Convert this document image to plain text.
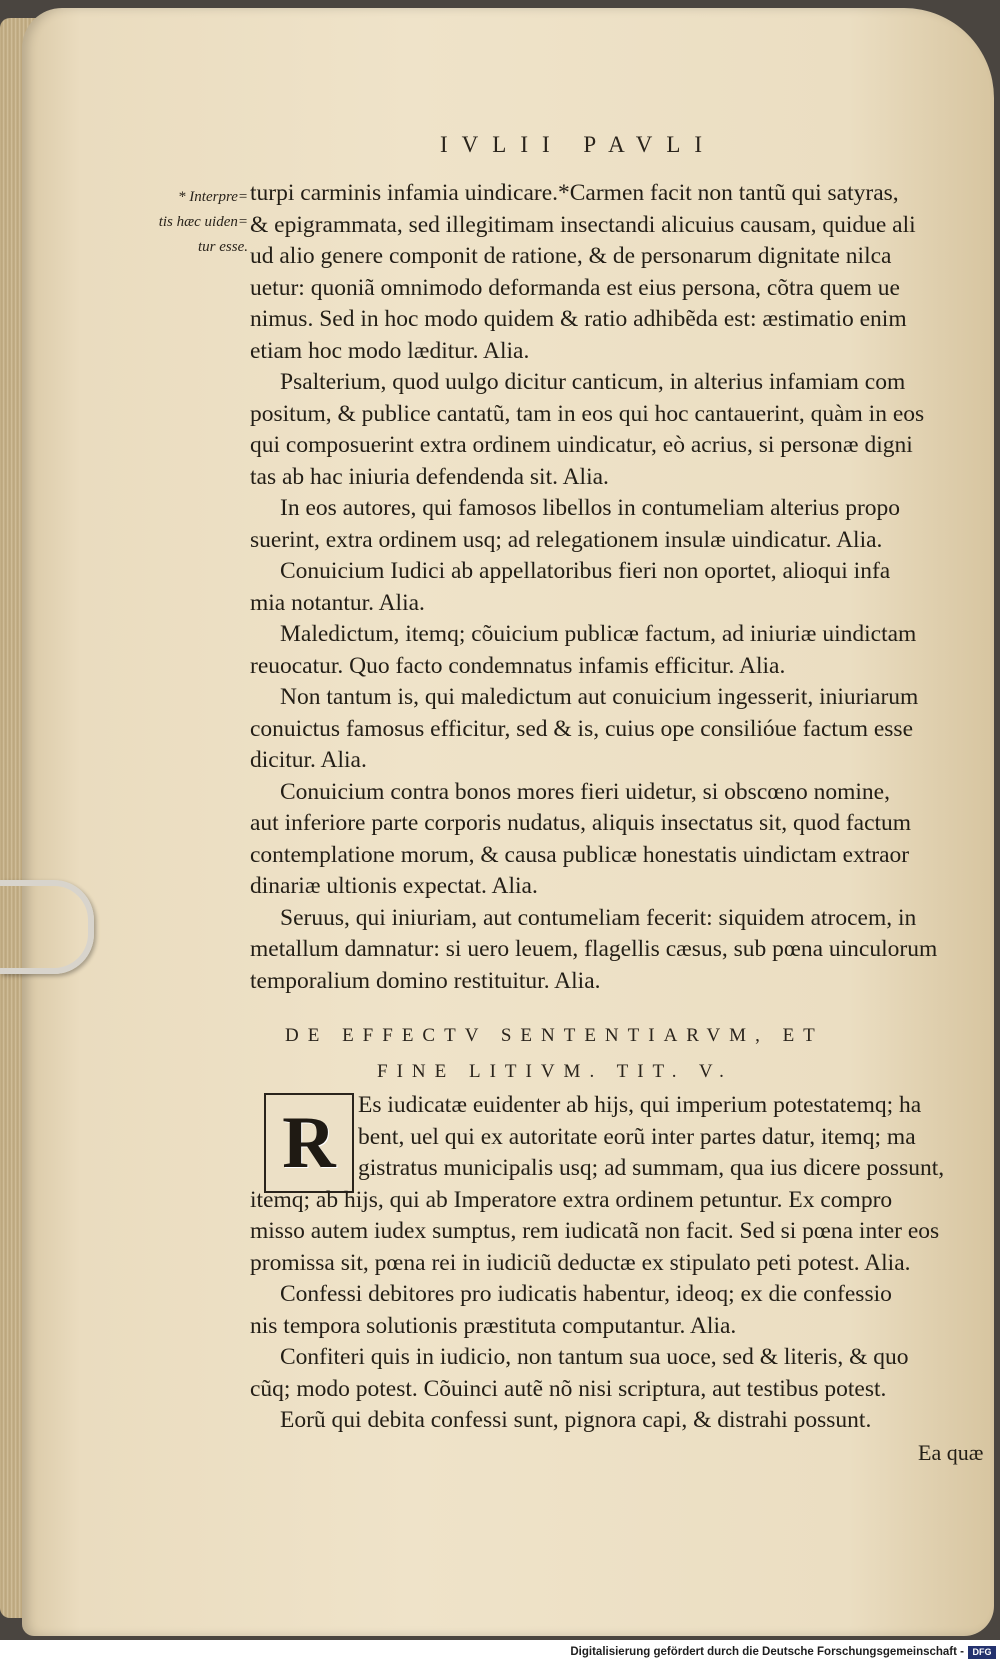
IVLII PAVLI
* Interpre=
tis hæc uiden=
tur esse.
turpi carminis infamia uindicare.*Carmen facit non tantũ qui satyras,
& epigrammata, sed illegitimam insectandi alicuius causam, quidue ali
ud alio genere componit de ratione, & de personarum dignitate nilca
uetur: quoniã omnimodo deformanda est eius persona, cõtra quem ue
nimus. Sed in hoc modo quidem & ratio adhibẽda est: æstimatio enim
etiam hoc modo læditur. Alia.
Psalterium, quod uulgo dicitur canticum, in alterius infamiam com
positum, & publice cantatũ, tam in eos qui hoc cantauerint, quàm in eos
qui composuerint extra ordinem uindicatur, eò acrius, si personæ digni
tas ab hac iniuria defendenda sit. Alia.
In eos autores, qui famosos libellos in contumeliam alterius propo
suerint, extra ordinem usq; ad relegationem insulæ uindicatur. Alia.
Conuicium Iudici ab appellatoribus fieri non oportet, alioqui infa
mia notantur. Alia.
Maledictum, itemq; cõuicium publicæ factum, ad iniuriæ uindictam
reuocatur. Quo facto condemnatus infamis efficitur. Alia.
Non tantum is, qui maledictum aut conuicium ingesserit, iniuriarum
conuictus famosus efficitur, sed & is, cuius ope consilióue factum esse
dicitur. Alia.
Conuicium contra bonos mores fieri uidetur, si obscœno nomine,
aut inferiore parte corporis nudatus, aliquis insectatus sit, quod factum
contemplatione morum, & causa publicæ honestatis uindictam extraor
dinariæ ultionis expectat. Alia.
Seruus, qui iniuriam, aut contumeliam fecerit: siquidem atrocem, in
metallum damnatur: si uero leuem, flagellis cæsus, sub pœna uinculorum
temporalium domino restituitur. Alia.
DE EFFECTV SENTENTIARVM, ET
FINE LITIVM. TIT. V.
R Es iudicatæ euidenter ab hijs, qui imperium potestatemq; ha
bent, uel qui ex autoritate eorũ inter partes datur, itemq; ma
gistratus municipalis usq; ad summam, qua ius dicere possunt,
itemq; ab hijs, qui ab Imperatore extra ordinem petuntur. Ex compro
misso autem iudex sumptus, rem iudicatã non facit. Sed si pœna inter eos
promissa sit, pœna rei in iudiciũ deductæ ex stipulato peti potest. Alia.
Confessi debitores pro iudicatis habentur, ideoq; ex die confessio
nis tempora solutionis præstituta computantur. Alia.
Confiteri quis in iudicio, non tantum sua uoce, sed & literis, & quo
cũq; modo potest. Cõuinci autẽ nõ nisi scriptura, aut testibus potest.
Eorũ qui debita confessi sunt, pignora capi, & distrahi possunt.
Ea quæ
Digitalisierung gefördert durch die Deutsche Forschungsgemeinschaft - DFG
